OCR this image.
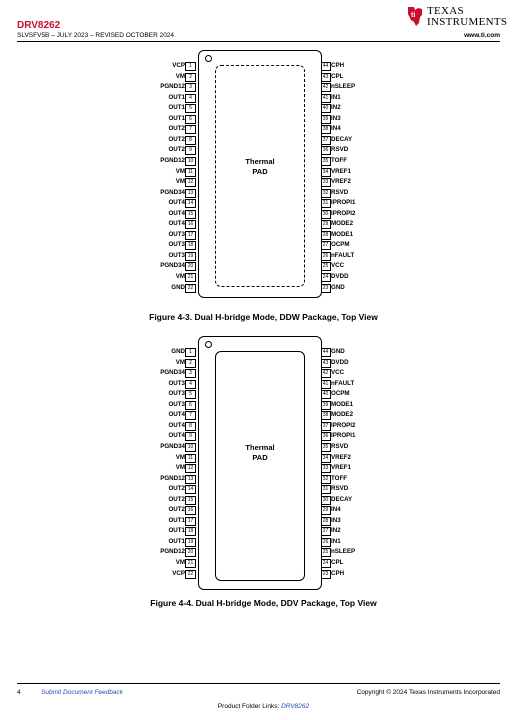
DRV8262
SLVSFV5B – JULY 2023 – REVISED OCTOBER 2024
ti TEXAS
INSTRUMENTS
www.ti.com
VCP 1
VM 2
PGND12 3
OUT1 4
OUT1 5
OUT1 6
OUT2 7
OUT2 8
OUT2 9
PGND12 10
VM 11
VM 12
PGND34 13
OUT4 14
OUT4 15
OUT4 16
OUT3 17
OUT3 18
OUT3 19
PGND34 20
VM 21
GND 22
44 CPH
43 CPL
42 nSLEEP
41 IN1
40 IN2
39 IN3
38 IN4
37 DECAY
36 RSVD
35 TOFF
34 VREF1
33 VREF2
32 RSVD
31 IPROPI1
30 IPROPI2
29 MODE2
28 MODE1
27 OCPM
26 nFAULT
25 VCC
24 DVDD
23 GND
Thermal
PAD
Figure 4-3. Dual H-bridge Mode, DDW Package, Top View
GND 1
VM 2
PGND34 3
OUT3 4
OUT3 5
OUT3 6
OUT4 7
OUT4 8
OUT4 9
PGND34 10
VM 11
VM 12
PGND12 13
OUT2 14
OUT2 15
OUT2 16
OUT1 17
OUT1 18
OUT1 19
PGND12 20
VM 21
VCP 22
44 GND
43 DVDD
42 VCC
41 nFAULT
40 OCPM
39 MODE1
38 MODE2
37 IPROPI2
36 IPROPI1
35 RSVD
34 VREF2
33 VREF1
32 TOFF
31 RSVD
30 DECAY
29 IN4
28 IN3
27 IN2
26 IN1
25 nSLEEP
24 CPL
23 CPH
Thermal
PAD
Figure 4-4. Dual H-bridge Mode, DDV Package, Top View
4	Submit Document Feedback	Copyright © 2024 Texas Instruments Incorporated
Product Folder Links: DRV8262
